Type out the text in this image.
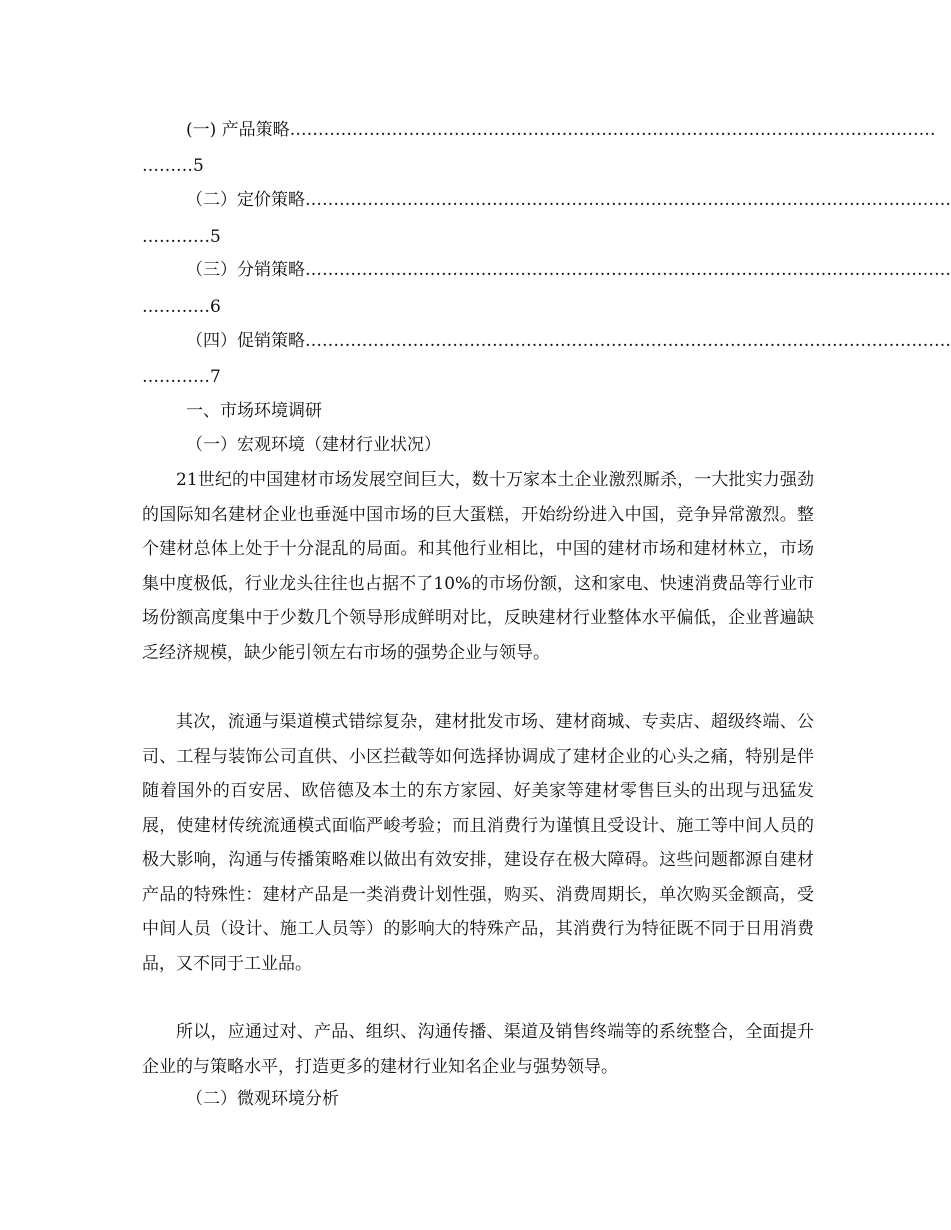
(一) 产品策略……………………………………………………………………………………………………
………5
（二）定价策略……………………………………………………………………………………………………
…………5
（三）分销策略……………………………………………………………………………………………………
…………6
（四）促销策略……………………………………………………………………………………………………
…………7
一、市场环境调研
（一）宏观环境（建材行业状况）

21世纪的中国建材市场发展空间巨大，数十万家本土企业激烈厮杀，一大批实力强劲的国际知名建材企业也垂涎中国市场的巨大蛋糕，开始纷纷进入中国，竞争异常激烈。整个建材总体上处于十分混乱的局面。和其他行业相比，中国的建材市场和建材林立，市场集中度极低，行业龙头往往也占据不了10%的市场份额，这和家电、快速消费品等行业市场份额高度集中于少数几个领导形成鲜明对比，反映建材行业整体水平偏低，企业普遍缺乏经济规模，缺少能引领左右市场的强势企业与领导。

其次，流通与渠道模式错综复杂，建材批发市场、建材商城、专卖店、超级终端、公司、工程与装饰公司直供、小区拦截等如何选择协调成了建材企业的心头之痛，特别是伴随着国外的百安居、欧倍德及本土的东方家园、好美家等建材零售巨头的出现与迅猛发展，使建材传统流通模式面临严峻考验；而且消费行为谨慎且受设计、施工等中间人员的极大影响，沟通与传播策略难以做出有效安排，建设存在极大障碍。这些问题都源自建材产品的特殊性：建材产品是一类消费计划性强，购买、消费周期长，单次购买金额高，受中间人员（设计、施工人员等）的影响大的特殊产品，其消费行为特征既不同于日用消费品，又不同于工业品。

所以，应通过对、产品、组织、沟通传播、渠道及销售终端等的系统整合，全面提升企业的与策略水平，打造更多的建材行业知名企业与强势领导。

（二）微观环境分析
